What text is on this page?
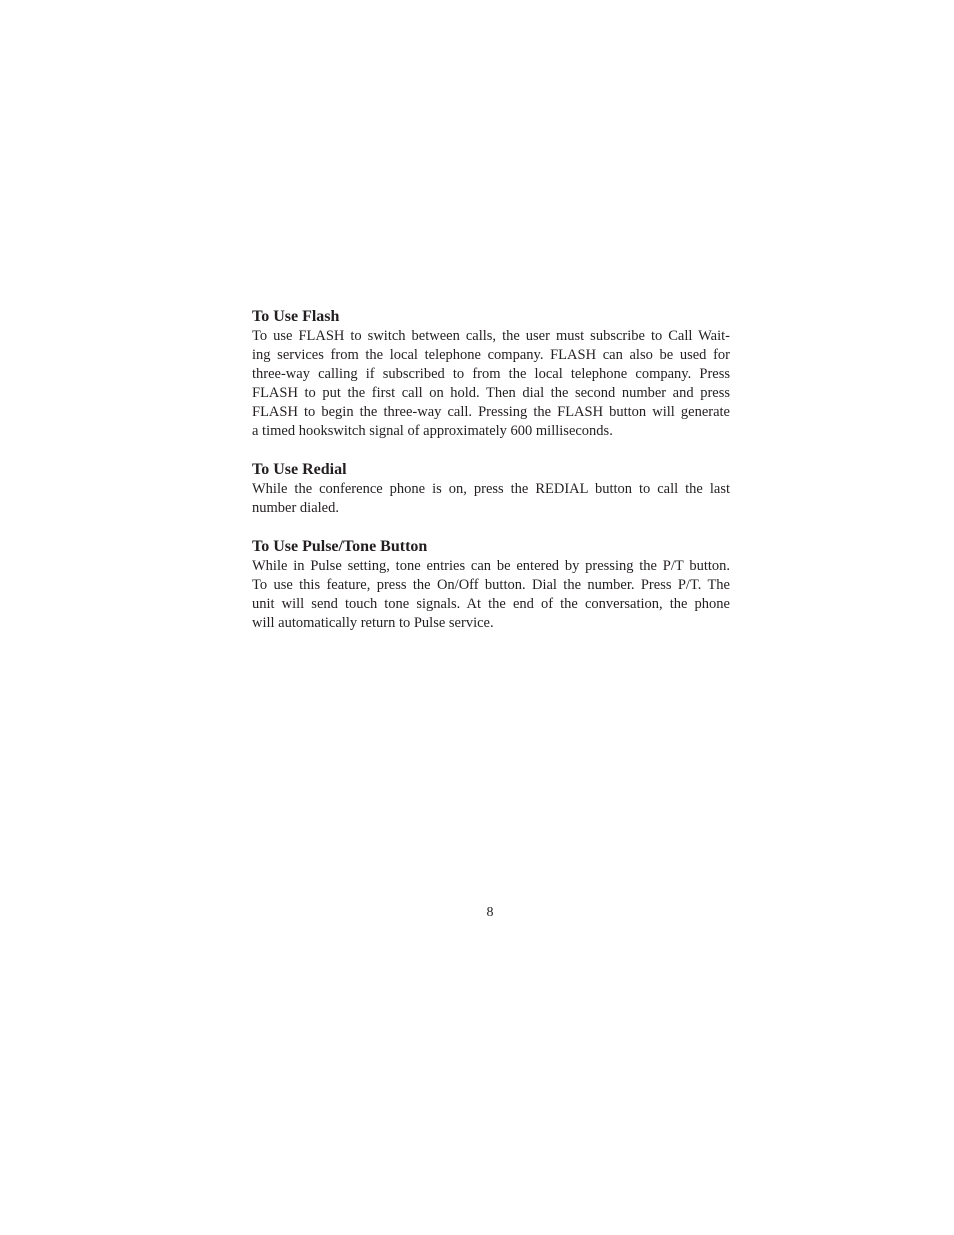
To Use Flash
To use FLASH to switch between calls, the user must subscribe to Call Wait-
ing services from the local telephone company. FLASH can also be used for
three-way calling if subscribed to from the local telephone company. Press
FLASH to put the first call on hold. Then dial the second number and press
FLASH to begin the three-way call. Pressing the FLASH button will generate
a timed hookswitch signal of approximately 600 milliseconds.
To Use Redial
While the conference phone is on, press the REDIAL button to call the last
number dialed.
To Use Pulse/Tone Button
While in Pulse setting, tone entries can be entered by pressing the P/T button.
To use this feature, press the On/Off button. Dial the number. Press P/T. The
unit will send touch tone signals. At the end of the conversation, the phone
will automatically return to Pulse service.
8
